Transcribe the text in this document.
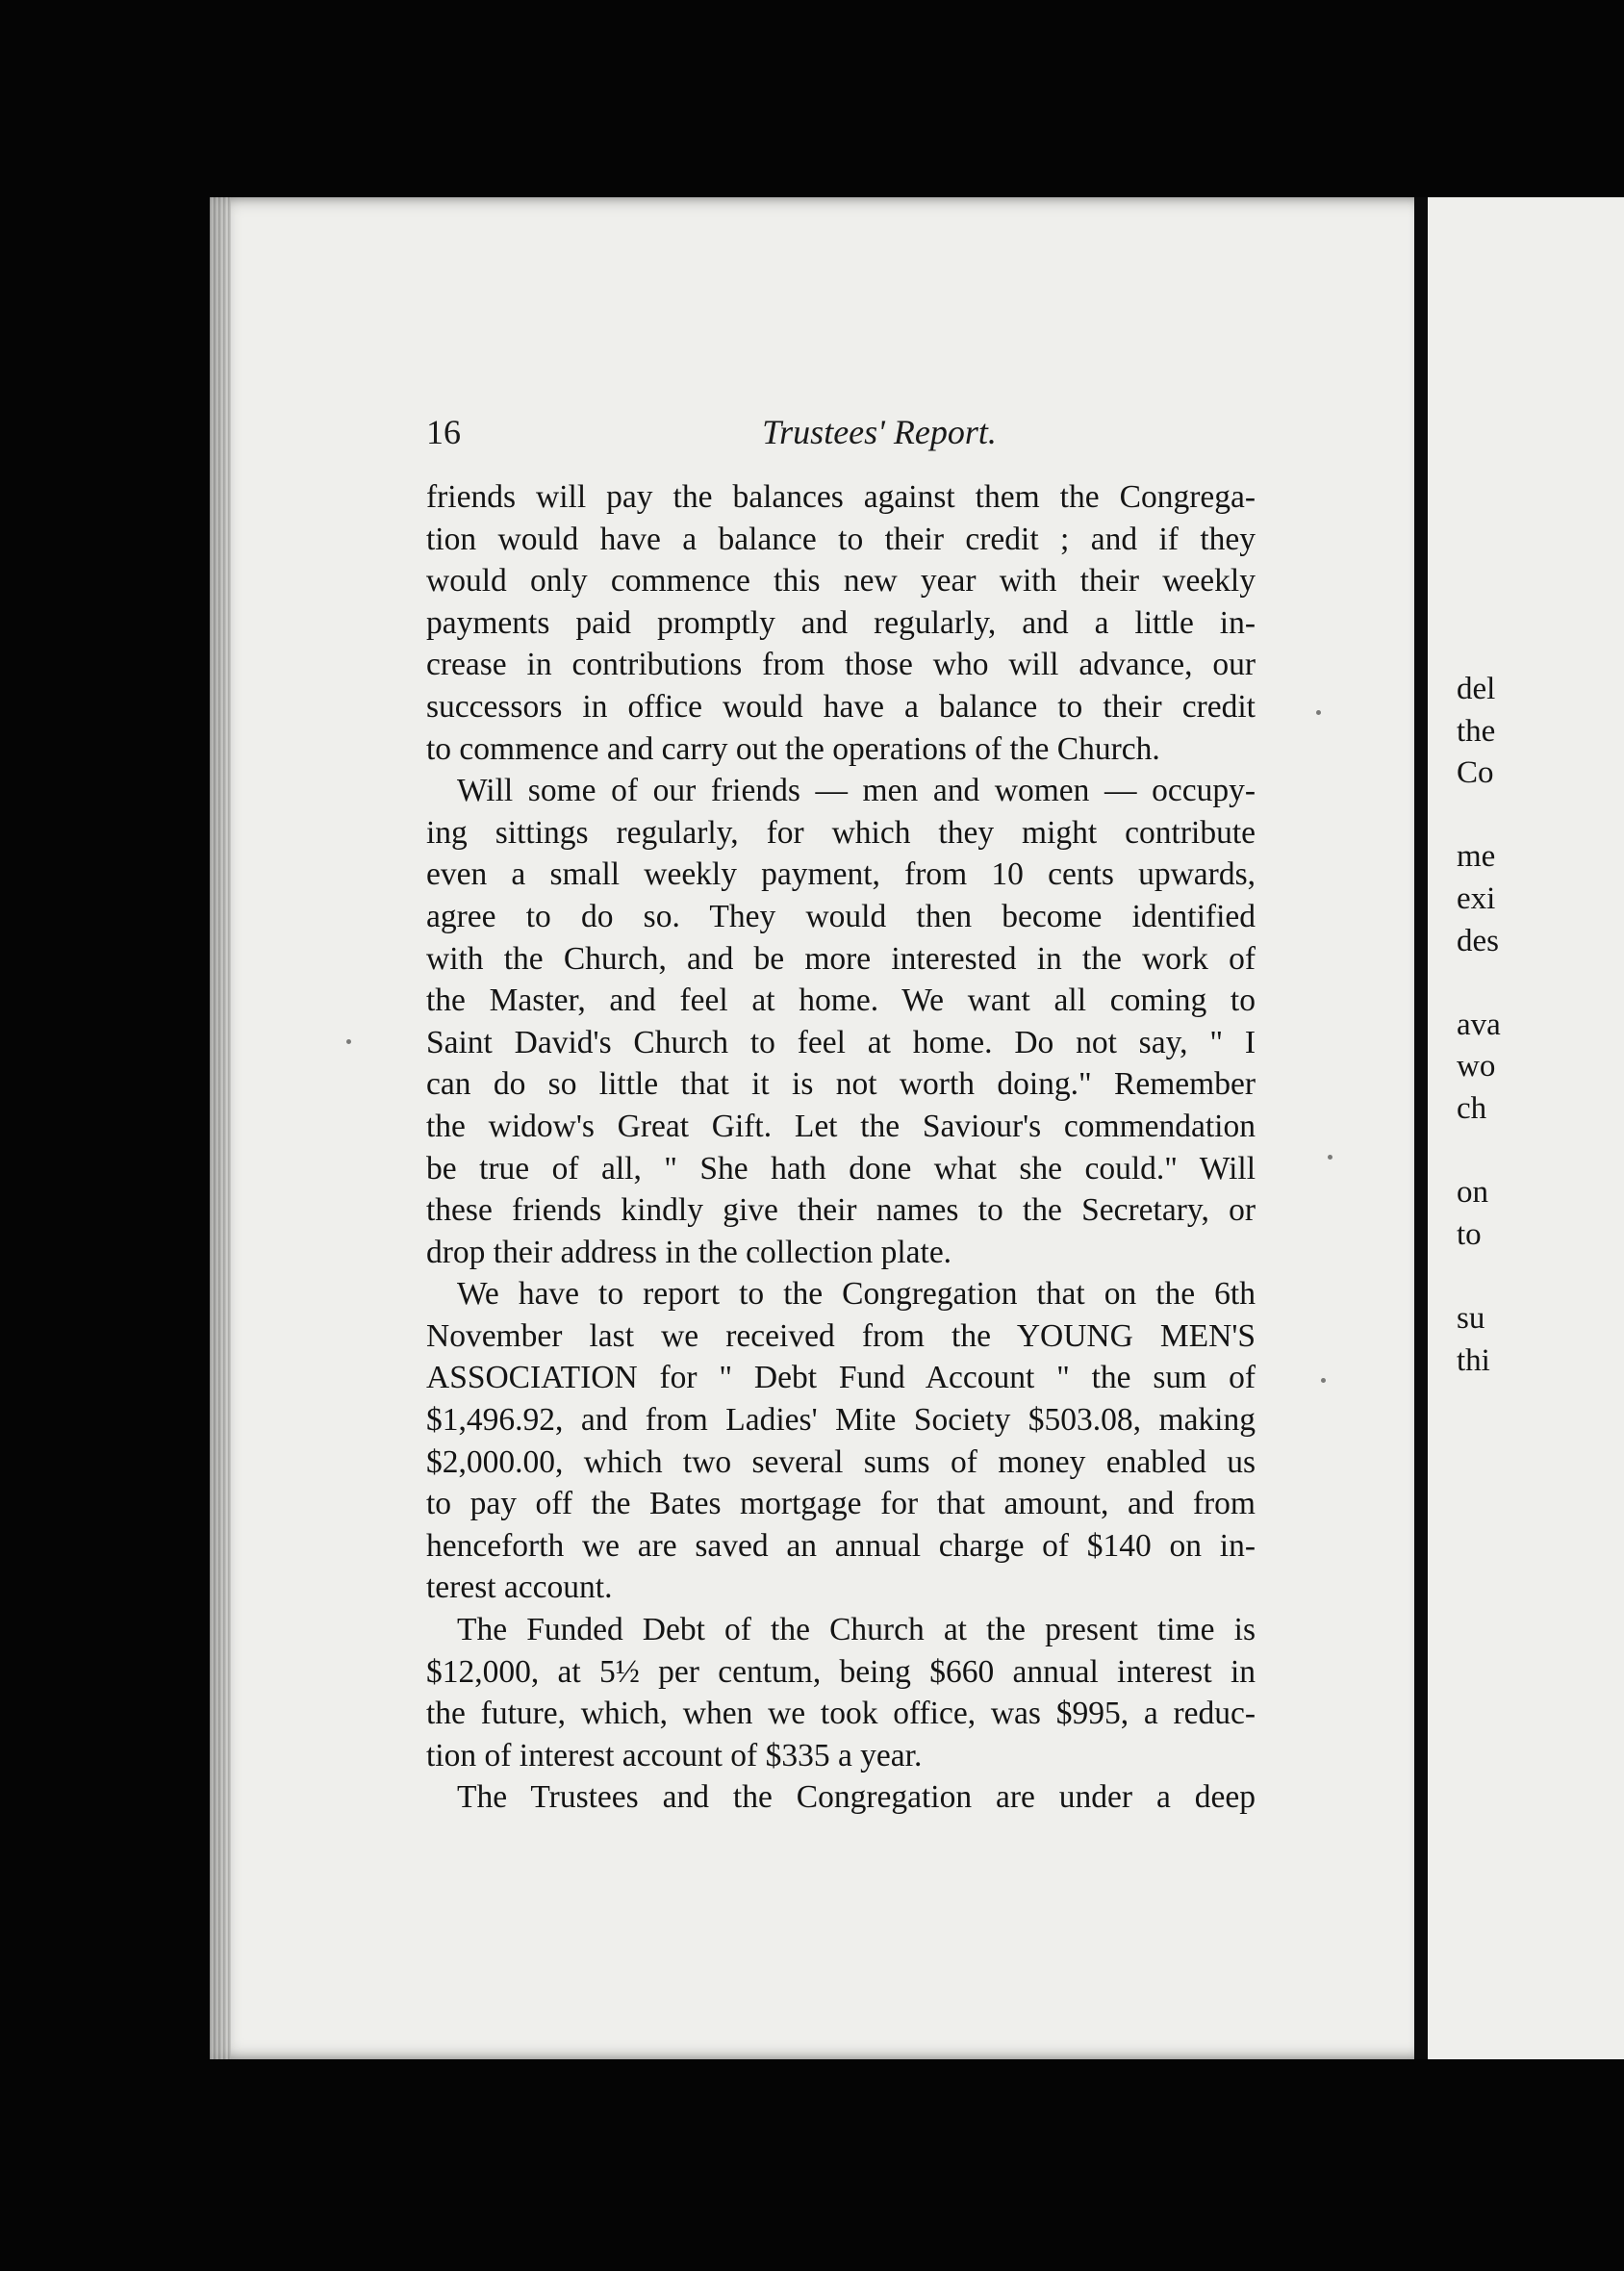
del
the
Co
me
exi
des
ava
wo
ch
on
to
su
thi
16	Trustees' Report.
friends will pay the balances against them the Congrega-
tion would have a balance to their credit ; and if they
would only commence this new year with their weekly
payments paid promptly and regularly, and a little in-
crease in contributions from those who will advance, our
successors in office would have a balance to their credit
to commence and carry out the operations of the Church.
Will some of our friends — men and women — occupy-
ing sittings regularly, for which they might contribute
even a small weekly payment, from 10 cents upwards,
agree to do so. They would then become identified
with the Church, and be more interested in the work of
the Master, and feel at home. We want all coming to
Saint David's Church to feel at home. Do not say, " I
can do so little that it is not worth doing." Remember
the widow's Great Gift. Let the Saviour's commendation
be true of all, " She hath done what she could." Will
these friends kindly give their names to the Secretary, or
drop their address in the collection plate.
We have to report to the Congregation that on the 6th
November last we received from the YOUNG MEN'S
ASSOCIATION for " Debt Fund Account " the sum of
$1,496.92, and from Ladies' Mite Society $503.08, making
$2,000.00, which two several sums of money enabled us
to pay off the Bates mortgage for that amount, and from
henceforth we are saved an annual charge of $140 on in-
terest account.
The Funded Debt of the Church at the present time is
$12,000, at 5½ per centum, being $660 annual interest in
the future, which, when we took office, was $995, a reduc-
tion of interest account of $335 a year.
The Trustees and the Congregation are under a deep
